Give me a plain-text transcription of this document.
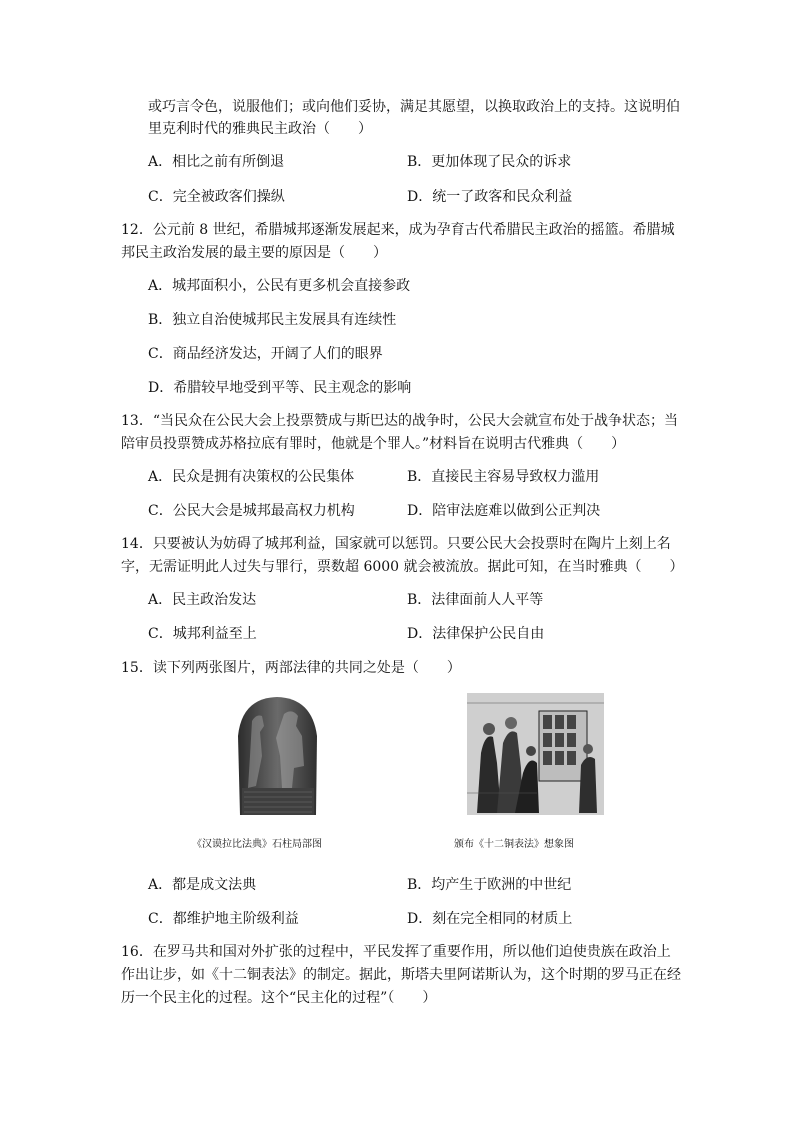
或巧言令色，说服他们；或向他们妥协，满足其愿望，以换取政治上的支持。这说明伯
里克利时代的雅典民主政治（　　）
A．相比之前有所倒退	B．更加体现了民众的诉求
C．完全被政客们操纵	D．统一了政客和民众利益
12．公元前 8 世纪，希腊城邦逐渐发展起来，成为孕育古代希腊民主政治的摇篮。希腊城邦民主政治发展的最主要的原因是（　　）
A．城邦面积小，公民有更多机会直接参政
B．独立自治使城邦民主发展具有连续性
C．商品经济发达，开阔了人们的眼界
D．希腊较早地受到平等、民主观念的影响
13．“当民众在公民大会上投票赞成与斯巴达的战争时，公民大会就宣布处于战争状态；当陪审员投票赞成苏格拉底有罪时，他就是个罪人。”材料旨在说明古代雅典（　　）
A．民众是拥有决策权的公民集体	B．直接民主容易导致权力滥用
C．公民大会是城邦最高权力机构	D．陪审法庭难以做到公正判决
14．只要被认为妨碍了城邦利益，国家就可以惩罚。只要公民大会投票时在陶片上刻上名字，无需证明此人过失与罪行，票数超 6000 就会被流放。据此可知，在当时雅典（　　）
A．民主政治发达	B．法律面前人人平等
C．城邦利益至上	D．法律保护公民自由
15．读下列两张图片，两部法律的共同之处是（　　）
《汉谟拉比法典》石柱局部图	颁布《十二铜表法》想象图
A．都是成文法典	B．均产生于欧洲的中世纪
C．都维护地主阶级利益	D．刻在完全相同的材质上
16．在罗马共和国对外扩张的过程中，平民发挥了重要作用，所以他们迫使贵族在政治上作出让步，如《十二铜表法》的制定。据此，斯塔夫里阿诺斯认为，这个时期的罗马正在经历一个民主化的过程。这个“民主化的过程”（　　）
